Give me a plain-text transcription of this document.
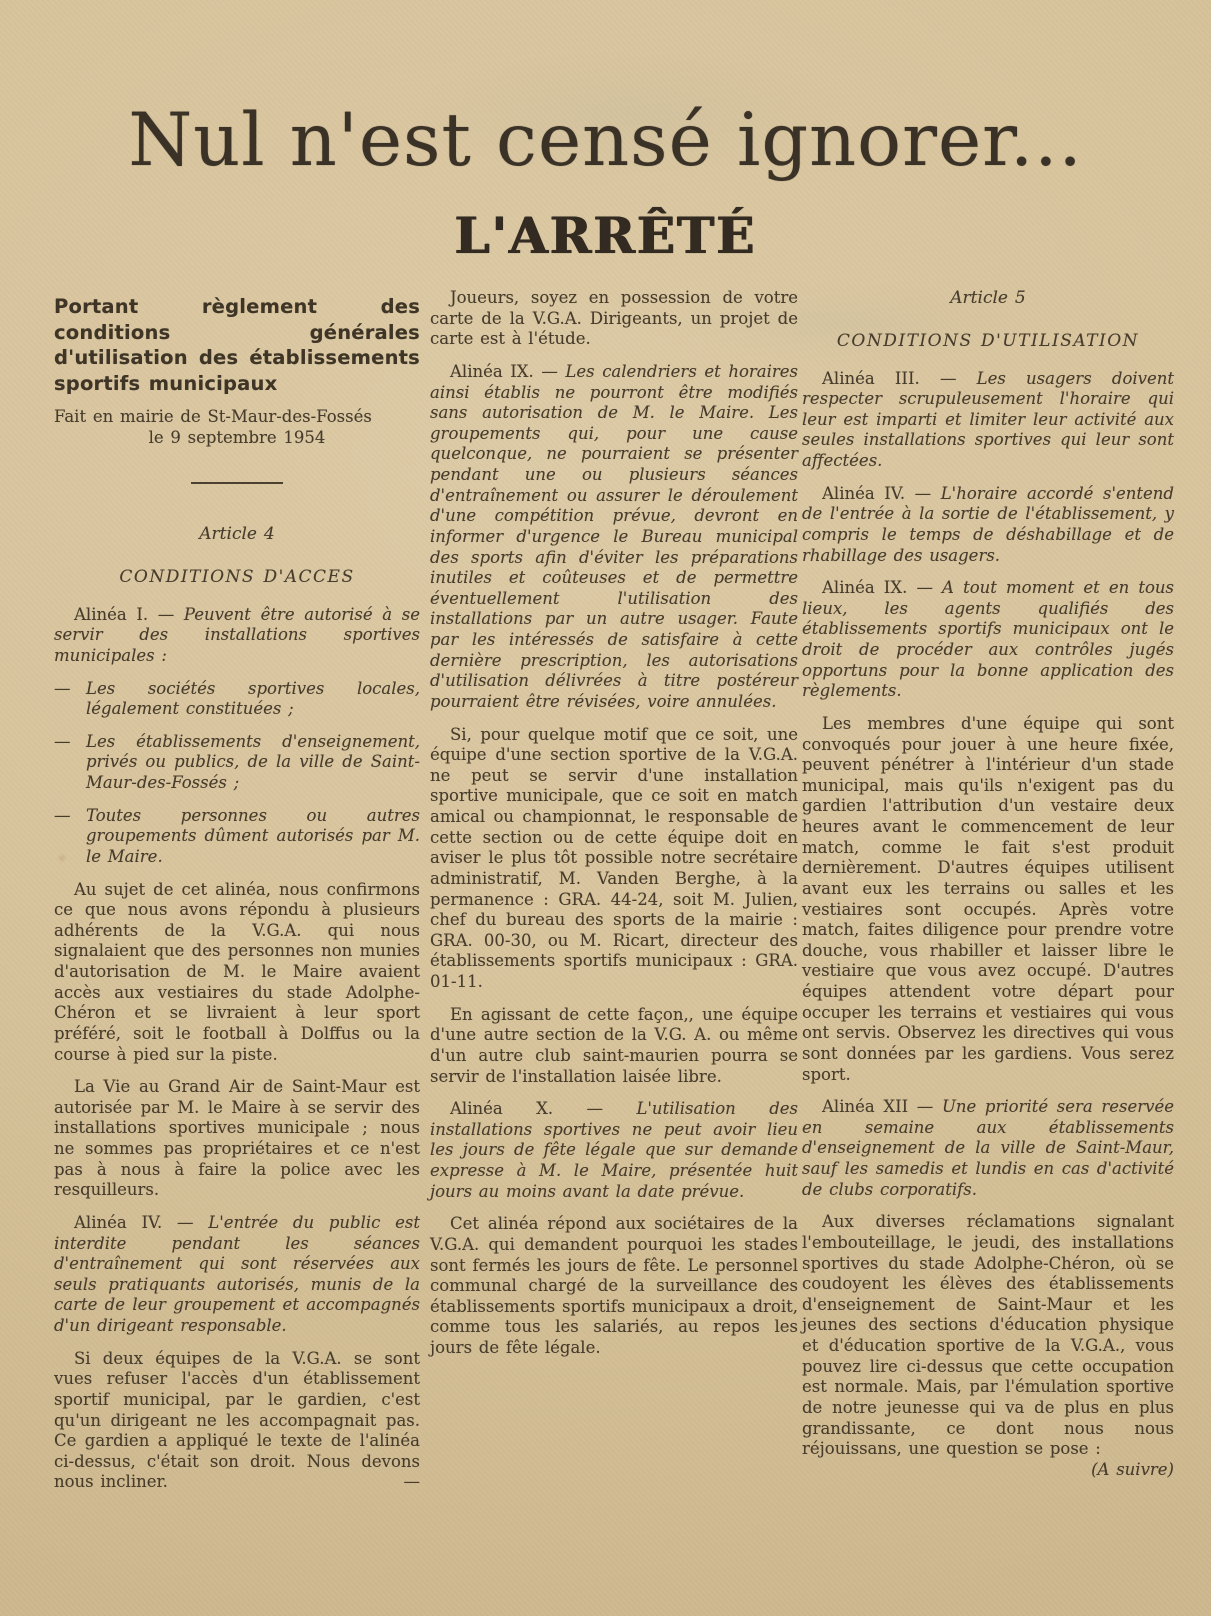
Nul n'est censé ignorer...
L'ARRÊTÉ

Portant règlement des conditions générales d'utilisation des établissements sportifs municipaux

Fait en mairie de St-Maur-des-Fossés
le 9 septembre 1954
Article 4
CONDITIONS D'ACCES

Alinéa I. — Peuvent être autorisé à se servir des installations sportives municipales :

— Les sociétés sportives locales, légalement constituées ;
— Les établissements d'enseignement, privés ou publics, de la ville de Saint-Maur-des-Fossés ;
— Toutes personnes ou autres groupements dûment autorisés par M. le Maire.

Au sujet de cet alinéa, nous confirmons ce que nous avons répondu à plusieurs adhérents de la V.G.A. qui nous signalaient que des personnes non munies d'autorisation de M. le Maire avaient accès aux vestiaires du stade Adolphe-Chéron et se livraient à leur sport préféré, soit le football à Dolffus ou la course à pied sur la piste.

La Vie au Grand Air de Saint-Maur est autorisée par M. le Maire à se servir des installations sportives municipale ; nous ne sommes pas propriétaires et ce n'est pas à nous à faire la police avec les resquilleurs.

Alinéa IV. — L'entrée du public est interdite pendant les séances d'entraînement qui sont réservées aux seuls pratiquants autorisés, munis de la carte de leur groupement et accompagnés d'un dirigeant responsable.

Si deux équipes de la V.G.A. se sont vues refuser l'accès d'un établissement sportif municipal, par le gardien, c'est qu'un dirigeant ne les accompagnait pas. Ce gardien a appliqué le texte de l'alinéa ci-dessus, c'était son droit. Nous devons nous incliner.	—

Joueurs, soyez en possession de votre carte de la V.G.A. Dirigeants, un projet de carte est à l'étude.

Alinéa IX. — Les calendriers et horaires ainsi établis ne pourront être modifiés sans autorisation de M. le Maire. Les groupements qui, pour une cause quelconque, ne pourraient se présenter pendant une ou plusieurs séances d'entraînement ou assurer le déroulement d'une compétition prévue, devront en informer d'urgence le Bureau municipal des sports afin d'éviter les préparations inutiles et coûteuses et de permettre éventuellement l'utilisation des installations par un autre usager. Faute par les intéressés de satisfaire à cette dernière prescription, les autorisations d'utilisation délivrées à titre postéreur pourraient être révisées, voire annulées.

Si, pour quelque motif que ce soit, une équipe d'une section sportive de la V.G.A. ne peut se servir d'une installation sportive municipale, que ce soit en match amical ou championnat, le responsable de cette section ou de cette équipe doit en aviser le plus tôt possible notre secrétaire administratif, M. Vanden Berghe, à la permanence : GRA. 44-24, soit M. Julien, chef du bureau des sports de la mairie : GRA. 00-30, ou M. Ricart, directeur des établissements sportifs municipaux : GRA. 01-11.

En agissant de cette façon,, une équipe d'une autre section de la V.G. A. ou même d'un autre club saint-maurien pourra se servir de l'installation laisée libre.

Alinéa X. — L'utilisation des installations sportives ne peut avoir lieu les jours de fête légale que sur demande expresse à M. le Maire, présentée huit jours au moins avant la date prévue.

Cet alinéa répond aux sociétaires de la V.G.A. qui demandent pourquoi les stades sont fermés les jours de fête. Le personnel communal chargé de la surveillance des établissements sportifs municipaux a droit, comme tous les salariés, au repos les jours de fête légale.

Article 5
CONDITIONS D'UTILISATION

Alinéa III. — Les usagers doivent respecter scrupuleusement l'horaire qui leur est imparti et limiter leur activité aux seules installations sportives qui leur sont affectées.

Alinéa IV. — L'horaire accordé s'entend de l'entrée à la sortie de l'établissement, y compris le temps de déshabillage et de rhabillage des usagers.

Alinéa IX. — A tout moment et en tous lieux, les agents qualifiés des établissements sportifs municipaux ont le droit de procéder aux contrôles jugés opportuns pour la bonne application des règlements.

Les membres d'une équipe qui sont convoqués pour jouer à une heure fixée, peuvent pénétrer à l'intérieur d'un stade municipal, mais qu'ils n'exigent pas du gardien l'attribution d'un vestaire deux heures avant le commencement de leur match, comme le fait s'est produit dernièrement. D'autres équipes utilisent avant eux les terrains ou salles et les vestiaires sont occupés. Après votre match, faites diligence pour prendre votre douche, vous rhabiller et laisser libre le vestiaire que vous avez occupé. D'autres équipes attendent votre départ pour occuper les terrains et vestiaires qui vous ont servis. Observez les directives qui vous sont données par les gardiens. Vous serez sport.

Alinéa XII — Une priorité sera reservée en semaine aux établissements d'enseignement de la ville de Saint-Maur, sauf les samedis et lundis en cas d'activité de clubs corporatifs.

Aux diverses réclamations signalant l'embouteillage, le jeudi, des installations sportives du stade Adolphe-Chéron, où se coudoyent les élèves des établissements d'enseignement de Saint-Maur et les jeunes des sections d'éducation physique et d'éducation sportive de la V.G.A., vous pouvez lire ci-dessus que cette occupation est normale. Mais, par l'émulation sportive de notre jeunesse qui va de plus en plus grandissante, ce dont nous nous réjouissans, une question se pose :
(A suivre)
